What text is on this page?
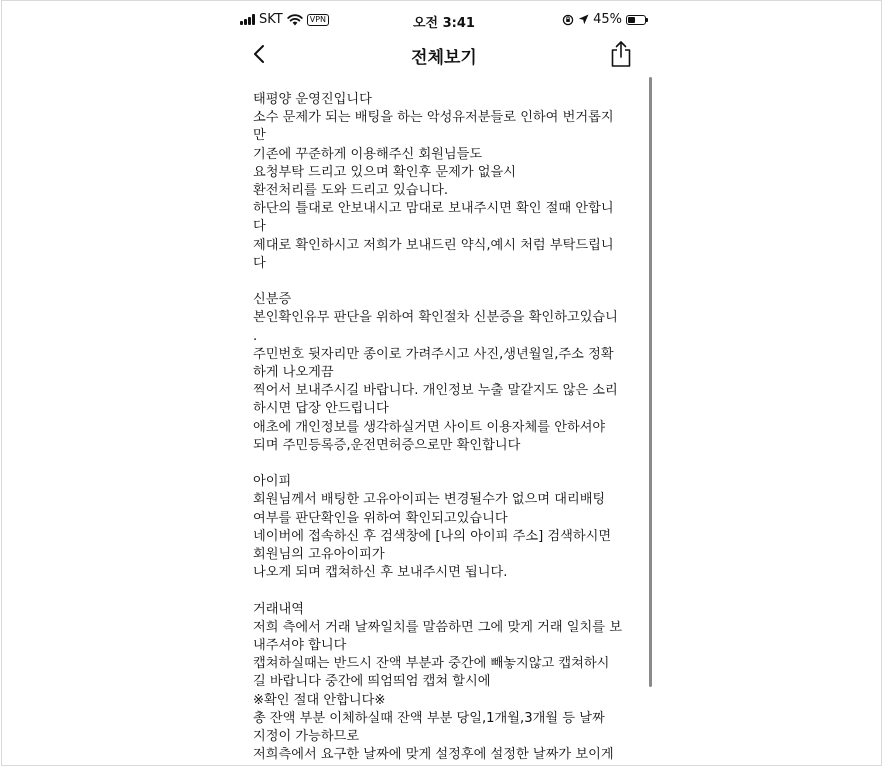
SKT	VPN	오전 3:41	45%
전체보기
태평양 운영진입니다
소수 문제가 되는 배팅을 하는 악성유저분들로 인하여 번거롭지
만
기존에 꾸준하게 이용해주신 회원님들도
요청부탁 드리고 있으며 확인후 문제가 없을시
환전처리를 도와 드리고 있습니다.
하단의 틀대로 안보내시고 맘대로 보내주시면 확인 절때 안합니
다
제대로 확인하시고 저희가 보내드린 약식,예시 처럼 부탁드립니
다
신분증
본인확인유무 판단을 위하여 확인절차 신분증을 확인하고있습니
.
주민번호 뒷자리만 종이로 가려주시고 사진,생년월일,주소 정확
하게 나오게끔
찍어서 보내주시길 바랍니다. 개인정보 누출 말같지도 않은 소리
하시면 답장 안드립니다
애초에 개인정보를 생각하실거면 사이트 이용자체를 안하셔야
되며 주민등록증,운전면허증으로만 확인합니다
아이피
회원님께서 배팅한 고유아이피는 변경될수가 없으며 대리배팅
여부를 판단확인을 위하여 확인되고있습니다
네이버에 접속하신 후 검색창에 [나의 아이피 주소] 검색하시면
회원님의 고유아이피가
나오게 되며 캡쳐하신 후 보내주시면 됩니다.
거래내역
저희 측에서 거래 날짜일치를 말씀하면 그에 맞게 거래 일치를 보
내주셔야 합니다
캡쳐하실때는 반드시 잔액 부분과 중간에 빼놓지않고 캡쳐하시
길 바랍니다 중간에 띄엄띄엄 캡쳐 할시에
※확인 절대 안합니다※
총 잔액 부분 이체하실때 잔액 부분 당일,1개월,3개월 등 날짜
지정이 가능하므로
저희측에서 요구한 날짜에 맞게 설정후에 설정한 날짜가 보이게
